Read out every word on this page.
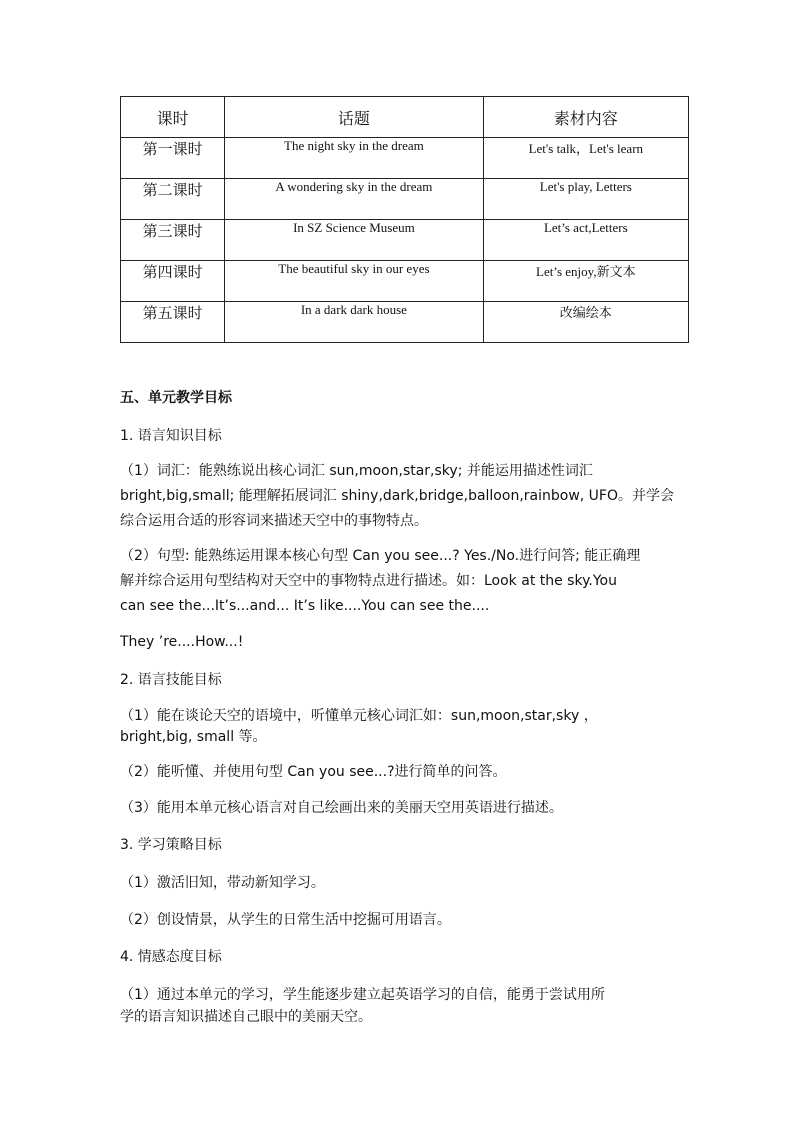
课时	话题	素材内容
第一课时	The night sky in the dream	Let's talk，Let's learn
第二课时	A wondering sky in the dream	Let's play, Letters
第三课时	In SZ Science Museum	Let’s act,Letters
第四课时	The beautiful sky in our eyes	Let’s enjoy,新文本
第五课时	In a dark dark house	改编绘本
五、单元教学目标
1. 语言知识目标
（1）词汇：能熟练说出核心词汇 sun,moon,star,sky; 并能运用描述性词汇
bright,big,small; 能理解拓展词汇 shiny,dark,bridge,balloon,rainbow, UFO。并学会
综合运用合适的形容词来描述天空中的事物特点。
（2）句型: 能熟练运用课本核心句型 Can you see...? Yes./No.进行问答; 能正确理
解并综合运用句型结构对天空中的事物特点进行描述。如：Look at the sky.You
can see the...It’s...and... It’s like....You can see the....
They ’re....How...!
2. 语言技能目标
（1）能在谈论天空的语境中，听懂单元核心词汇如：sun,moon,star,sky ，
bright,big, small 等。
（2）能听懂、并使用句型 Can you see...?进行简单的问答。
（3）能用本单元核心语言对自己绘画出来的美丽天空用英语进行描述。
3. 学习策略目标
（1）激活旧知，带动新知学习。
（2）创设情景，从学生的日常生活中挖掘可用语言。
4. 情感态度目标
（1）通过本单元的学习，学生能逐步建立起英语学习的自信，能勇于尝试用所
学的语言知识描述自己眼中的美丽天空。
